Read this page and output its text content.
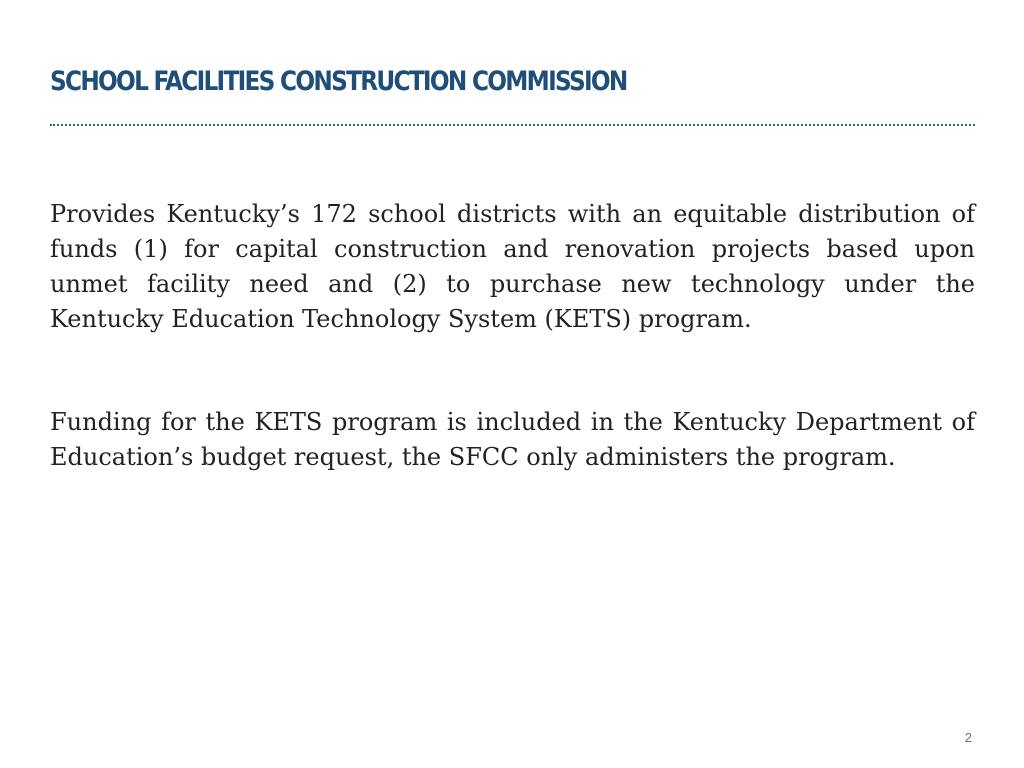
SCHOOL FACILITIES CONSTRUCTION COMMISSION

Provides Kentucky’s 172 school districts with an equitable distribution of funds (1) for capital construction and renovation projects based upon unmet facility need and (2) to purchase new technology under the Kentucky Education Technology System (KETS) program.

Funding for the KETS program is included in the Kentucky Department of Education’s budget request, the SFCC only administers the program.

2
